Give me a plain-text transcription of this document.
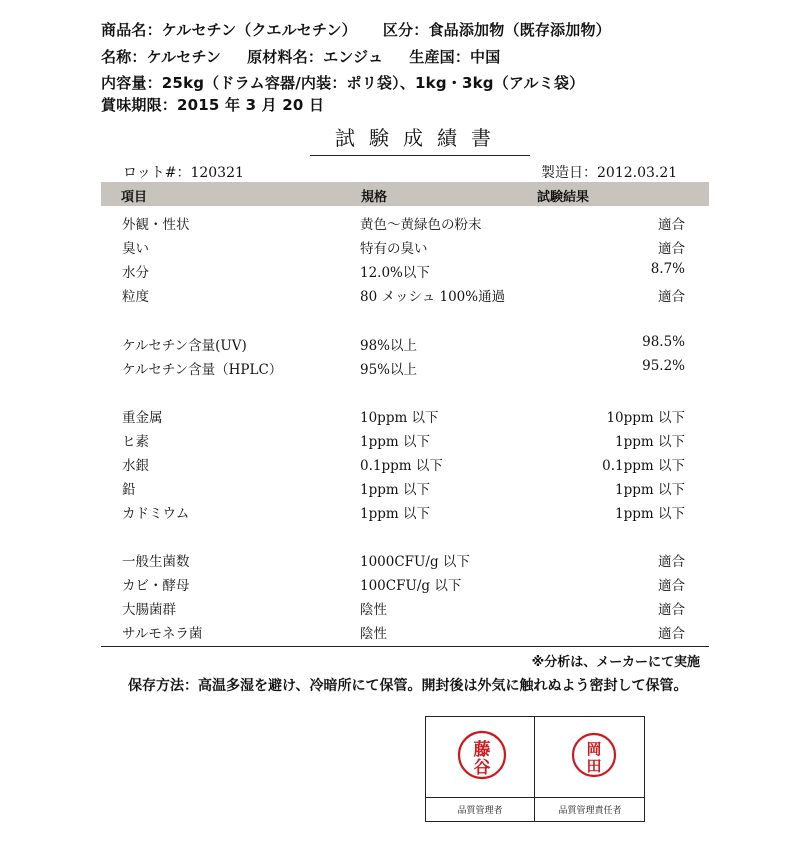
商品名：ケルセチン（クエルセチン） 区分：食品添加物（既存添加物）
名称：ケルセチン 原材料名：エンジュ 生産国：中国
内容量：25kg（ドラム容器/内装：ポリ袋）、1kg・3kg（アルミ袋）
賞味期限：2015 年 3 月 20 日
試験成績書
ロット#：120321	製造日：2012.03.21
項目	規格	試験結果
外観・性状	黄色～黄緑色の粉末	適合
臭い	特有の臭い	適合
水分	12.0%以下	8.7%
粒度	80 メッシュ 100%通過	適合
ケルセチン含量(UV)	98%以上	98.5%
ケルセチン含量（HPLC）	95%以上	95.2%
重金属	10ppm 以下	10ppm 以下
ヒ素	1ppm 以下	1ppm 以下
水銀	0.1ppm 以下	0.1ppm 以下
鉛	1ppm 以下	1ppm 以下
カドミウム	1ppm 以下	1ppm 以下
一般生菌数	1000CFU/g 以下	適合
カビ・酵母	100CFU/g 以下	適合
大腸菌群	陰性	適合
サルモネラ菌	陰性	適合
※分析は、メーカーにて実施
保存方法：高温多湿を避け、冷暗所にて保管。開封後は外気に触れぬよう密封して保管。
藤
谷
岡
田
品質管理者	品質管理責任者
